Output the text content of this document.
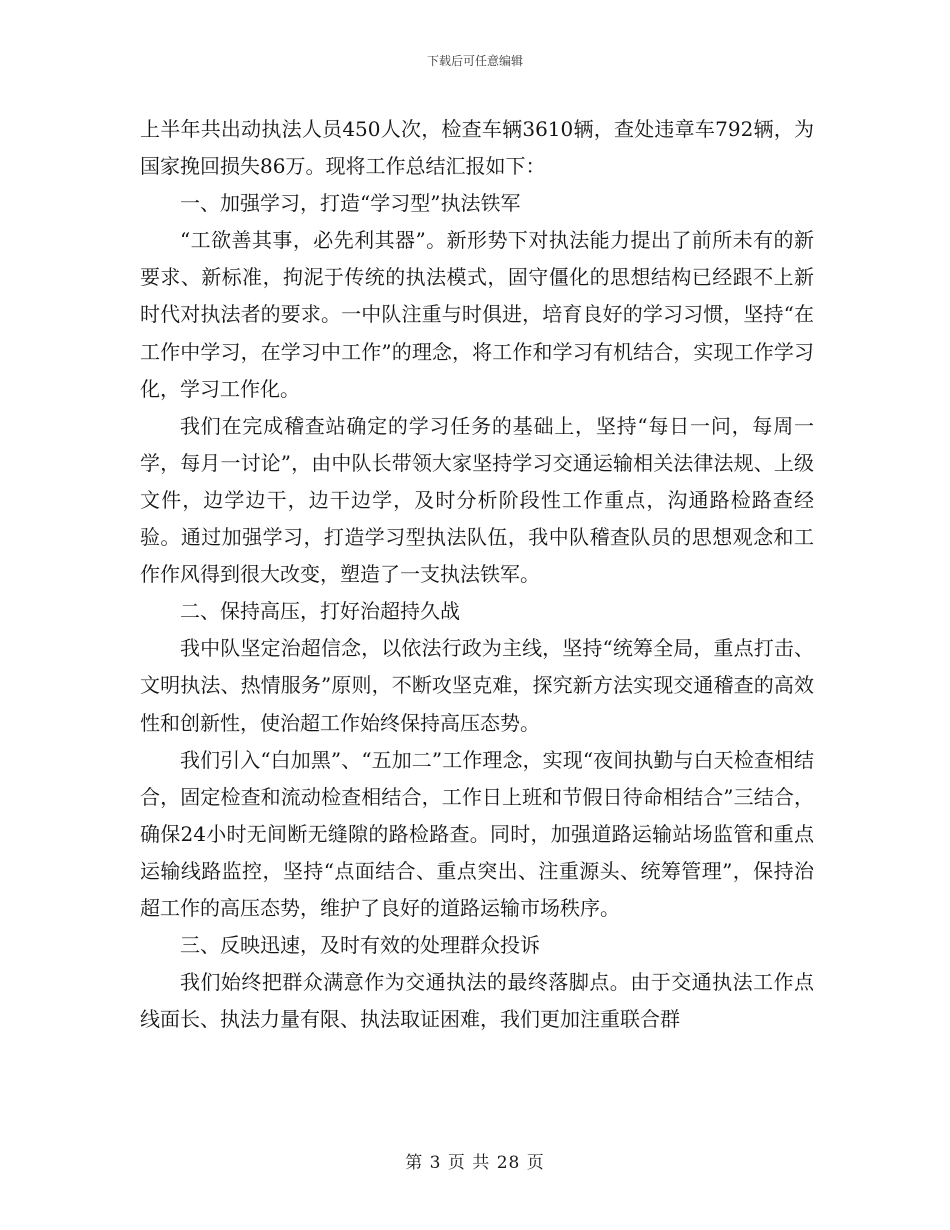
下载后可任意编辑

上半年共出动执法人员450人次，检查车辆3610辆，查处违章车792辆，为国家挽回损失86万。现将工作总结汇报如下：

一、加强学习，打造“学习型”执法铁军

“工欲善其事，必先利其器”。新形势下对执法能力提出了前所未有的新要求、新标准，拘泥于传统的执法模式，固守僵化的思想结构已经跟不上新时代对执法者的要求。一中队注重与时俱进，培育良好的学习习惯，坚持“在工作中学习，在学习中工作”的理念，将工作和学习有机结合，实现工作学习化，学习工作化。

我们在完成稽查站确定的学习任务的基础上，坚持“每日一问，每周一学，每月一讨论”，由中队长带领大家坚持学习交通运输相关法律法规、上级文件，边学边干，边干边学，及时分析阶段性工作重点，沟通路检路查经验。通过加强学习，打造学习型执法队伍，我中队稽查队员的思想观念和工作作风得到很大改变，塑造了一支执法铁军。

二、保持高压，打好治超持久战

我中队坚定治超信念，以依法行政为主线，坚持“统筹全局，重点打击、文明执法、热情服务”原则，不断攻坚克难，探究新方法实现交通稽查的高效性和创新性，使治超工作始终保持高压态势。

我们引入“白加黑”、“五加二”工作理念，实现“夜间执勤与白天检查相结合，固定检查和流动检查相结合，工作日上班和节假日待命相结合”三结合，确保24小时无间断无缝隙的路检路查。同时，加强道路运输站场监管和重点运输线路监控，坚持“点面结合、重点突出、注重源头、统筹管理”，保持治超工作的高压态势，维护了良好的道路运输市场秩序。

三、反映迅速，及时有效的处理群众投诉

我们始终把群众满意作为交通执法的最终落脚点。由于交通执法工作点线面长、执法力量有限、执法取证困难，我们更加注重联合群

第 3 页 共 28 页
